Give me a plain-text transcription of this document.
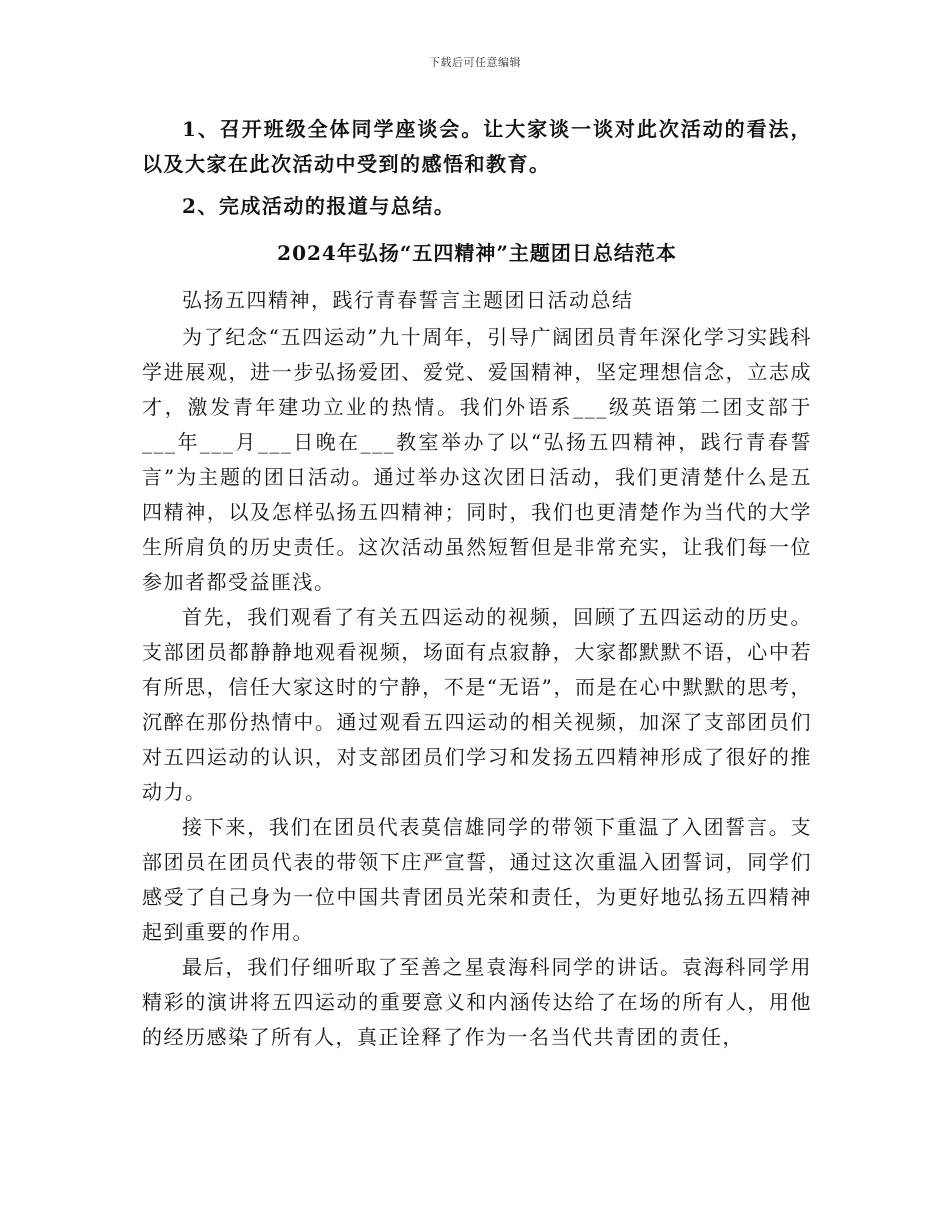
下载后可任意编辑

1、召开班级全体同学座谈会。让大家谈一谈对此次活动的看法，以及大家在此次活动中受到的感悟和教育。

2、完成活动的报道与总结。

2024年弘扬“五四精神”主题团日总结范本

弘扬五四精神，践行青春誓言主题团日活动总结

为了纪念“五四运动”九十周年，引导广阔团员青年深化学习实践科学进展观，进一步弘扬爱团、爱党、爱国精神，坚定理想信念，立志成才，激发青年建功立业的热情。我们外语系___级英语第二团支部于___年___月___日晚在___教室举办了以“弘扬五四精神，践行青春誓言”为主题的团日活动。通过举办这次团日活动，我们更清楚什么是五四精神，以及怎样弘扬五四精神；同时，我们也更清楚作为当代的大学生所肩负的历史责任。这次活动虽然短暂但是非常充实，让我们每一位参加者都受益匪浅。

首先，我们观看了有关五四运动的视频，回顾了五四运动的历史。支部团员都静静地观看视频，场面有点寂静，大家都默默不语，心中若有所思，信任大家这时的宁静，不是“无语”，而是在心中默默的思考，沉醉在那份热情中。通过观看五四运动的相关视频，加深了支部团员们对五四运动的认识，对支部团员们学习和发扬五四精神形成了很好的推动力。

接下来，我们在团员代表莫信雄同学的带领下重温了入团誓言。支部团员在团员代表的带领下庄严宣誓，通过这次重温入团誓词，同学们感受了自己身为一位中国共青团员光荣和责任，为更好地弘扬五四精神起到重要的作用。

最后，我们仔细听取了至善之星袁海科同学的讲话。袁海科同学用精彩的演讲将五四运动的重要意义和内涵传达给了在场的所有人，用他的经历感染了所有人，真正诠释了作为一名当代共青团的责任，
